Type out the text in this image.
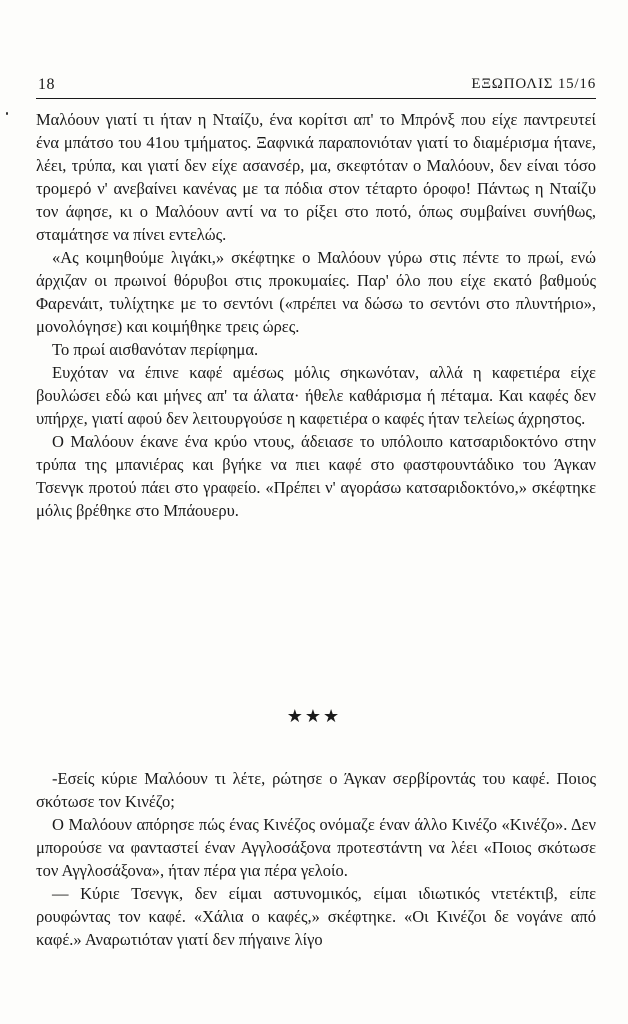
18	ΕΞΩΠΟΛΙΣ 15/16

Μαλόουν γιατί τι ήταν η Νταίζυ, ένα κορίτσι απ' το Μπρόνξ που είχε παντρευτεί ένα μπάτσο του 41ου τμήματος. Ξαφνικά παραπονιόταν γιατί το διαμέρισμα ήτανε, λέει, τρύπα, και γιατί δεν είχε ασανσέρ, μα, σκεφτόταν ο Μαλόουν, δεν είναι τόσο τρομερό ν' ανεβαίνει κανένας με τα πόδια στον τέταρτο όροφο! Πάντως η Νταίζυ τον άφησε, κι ο Μαλόουν αντί να το ρίξει στο ποτό, όπως συμβαίνει συνήθως, σταμάτησε να πίνει εντελώς.

«Ας κοιμηθούμε λιγάκι,» σκέφτηκε ο Μαλόουν γύρω στις πέντε το πρωί, ενώ άρχιζαν οι πρωινοί θόρυβοι στις προκυμαίες. Παρ' όλο που είχε εκατό βαθμούς Φαρενάιτ, τυλίχτηκε με το σεντόνι («πρέπει να δώσω το σεντόνι στο πλυντήριο», μονολόγησε) και κοιμήθηκε τρεις ώρες.

Το πρωί αισθανόταν περίφημα.

Ευχόταν να έπινε καφέ αμέσως μόλις σηκωνόταν, αλλά η καφετιέρα είχε βουλώσει εδώ και μήνες απ' τα άλατα· ήθελε καθάρισμα ή πέταμα. Και καφές δεν υπήρχε, γιατί αφού δεν λειτουργούσε η καφετιέρα ο καφές ήταν τελείως άχρηστος.

Ο Μαλόουν έκανε ένα κρύο ντους, άδειασε το υπόλοιπο κατσαριδοκτόνο στην τρύπα της μπανιέρας και βγήκε να πιει καφέ στο φαστφουντάδικο του Άγκαν Τσενγκ προτού πάει στο γραφείο. «Πρέπει ν' αγοράσω κατσαριδοκτόνο,» σκέφτηκε μόλις βρέθηκε στο Μπάουερυ.

★★★

-Εσείς κύριε Μαλόουν τι λέτε, ρώτησε ο Άγκαν σερβίροντάς του καφέ. Ποιος σκότωσε τον Κινέζο;

Ο Μαλόουν απόρησε πώς ένας Κινέζος ονόμαζε έναν άλλο Κινέζο «Κινέζο». Δεν μπορούσε να φανταστεί έναν Αγγλοσάξονα προτεστάντη να λέει «Ποιος σκότωσε τον Αγγλοσάξονα», ήταν πέρα για πέρα γελοίο.

— Κύριε Τσενγκ, δεν είμαι αστυνομικός, είμαι ιδιωτικός ντετέκτιβ, είπε ρουφώντας τον καφέ. «Χάλια ο καφές,» σκέφτηκε. «Οι Κινέζοι δε νογάνε από καφέ.» Αναρωτιόταν γιατί δεν πήγαινε λίγο
